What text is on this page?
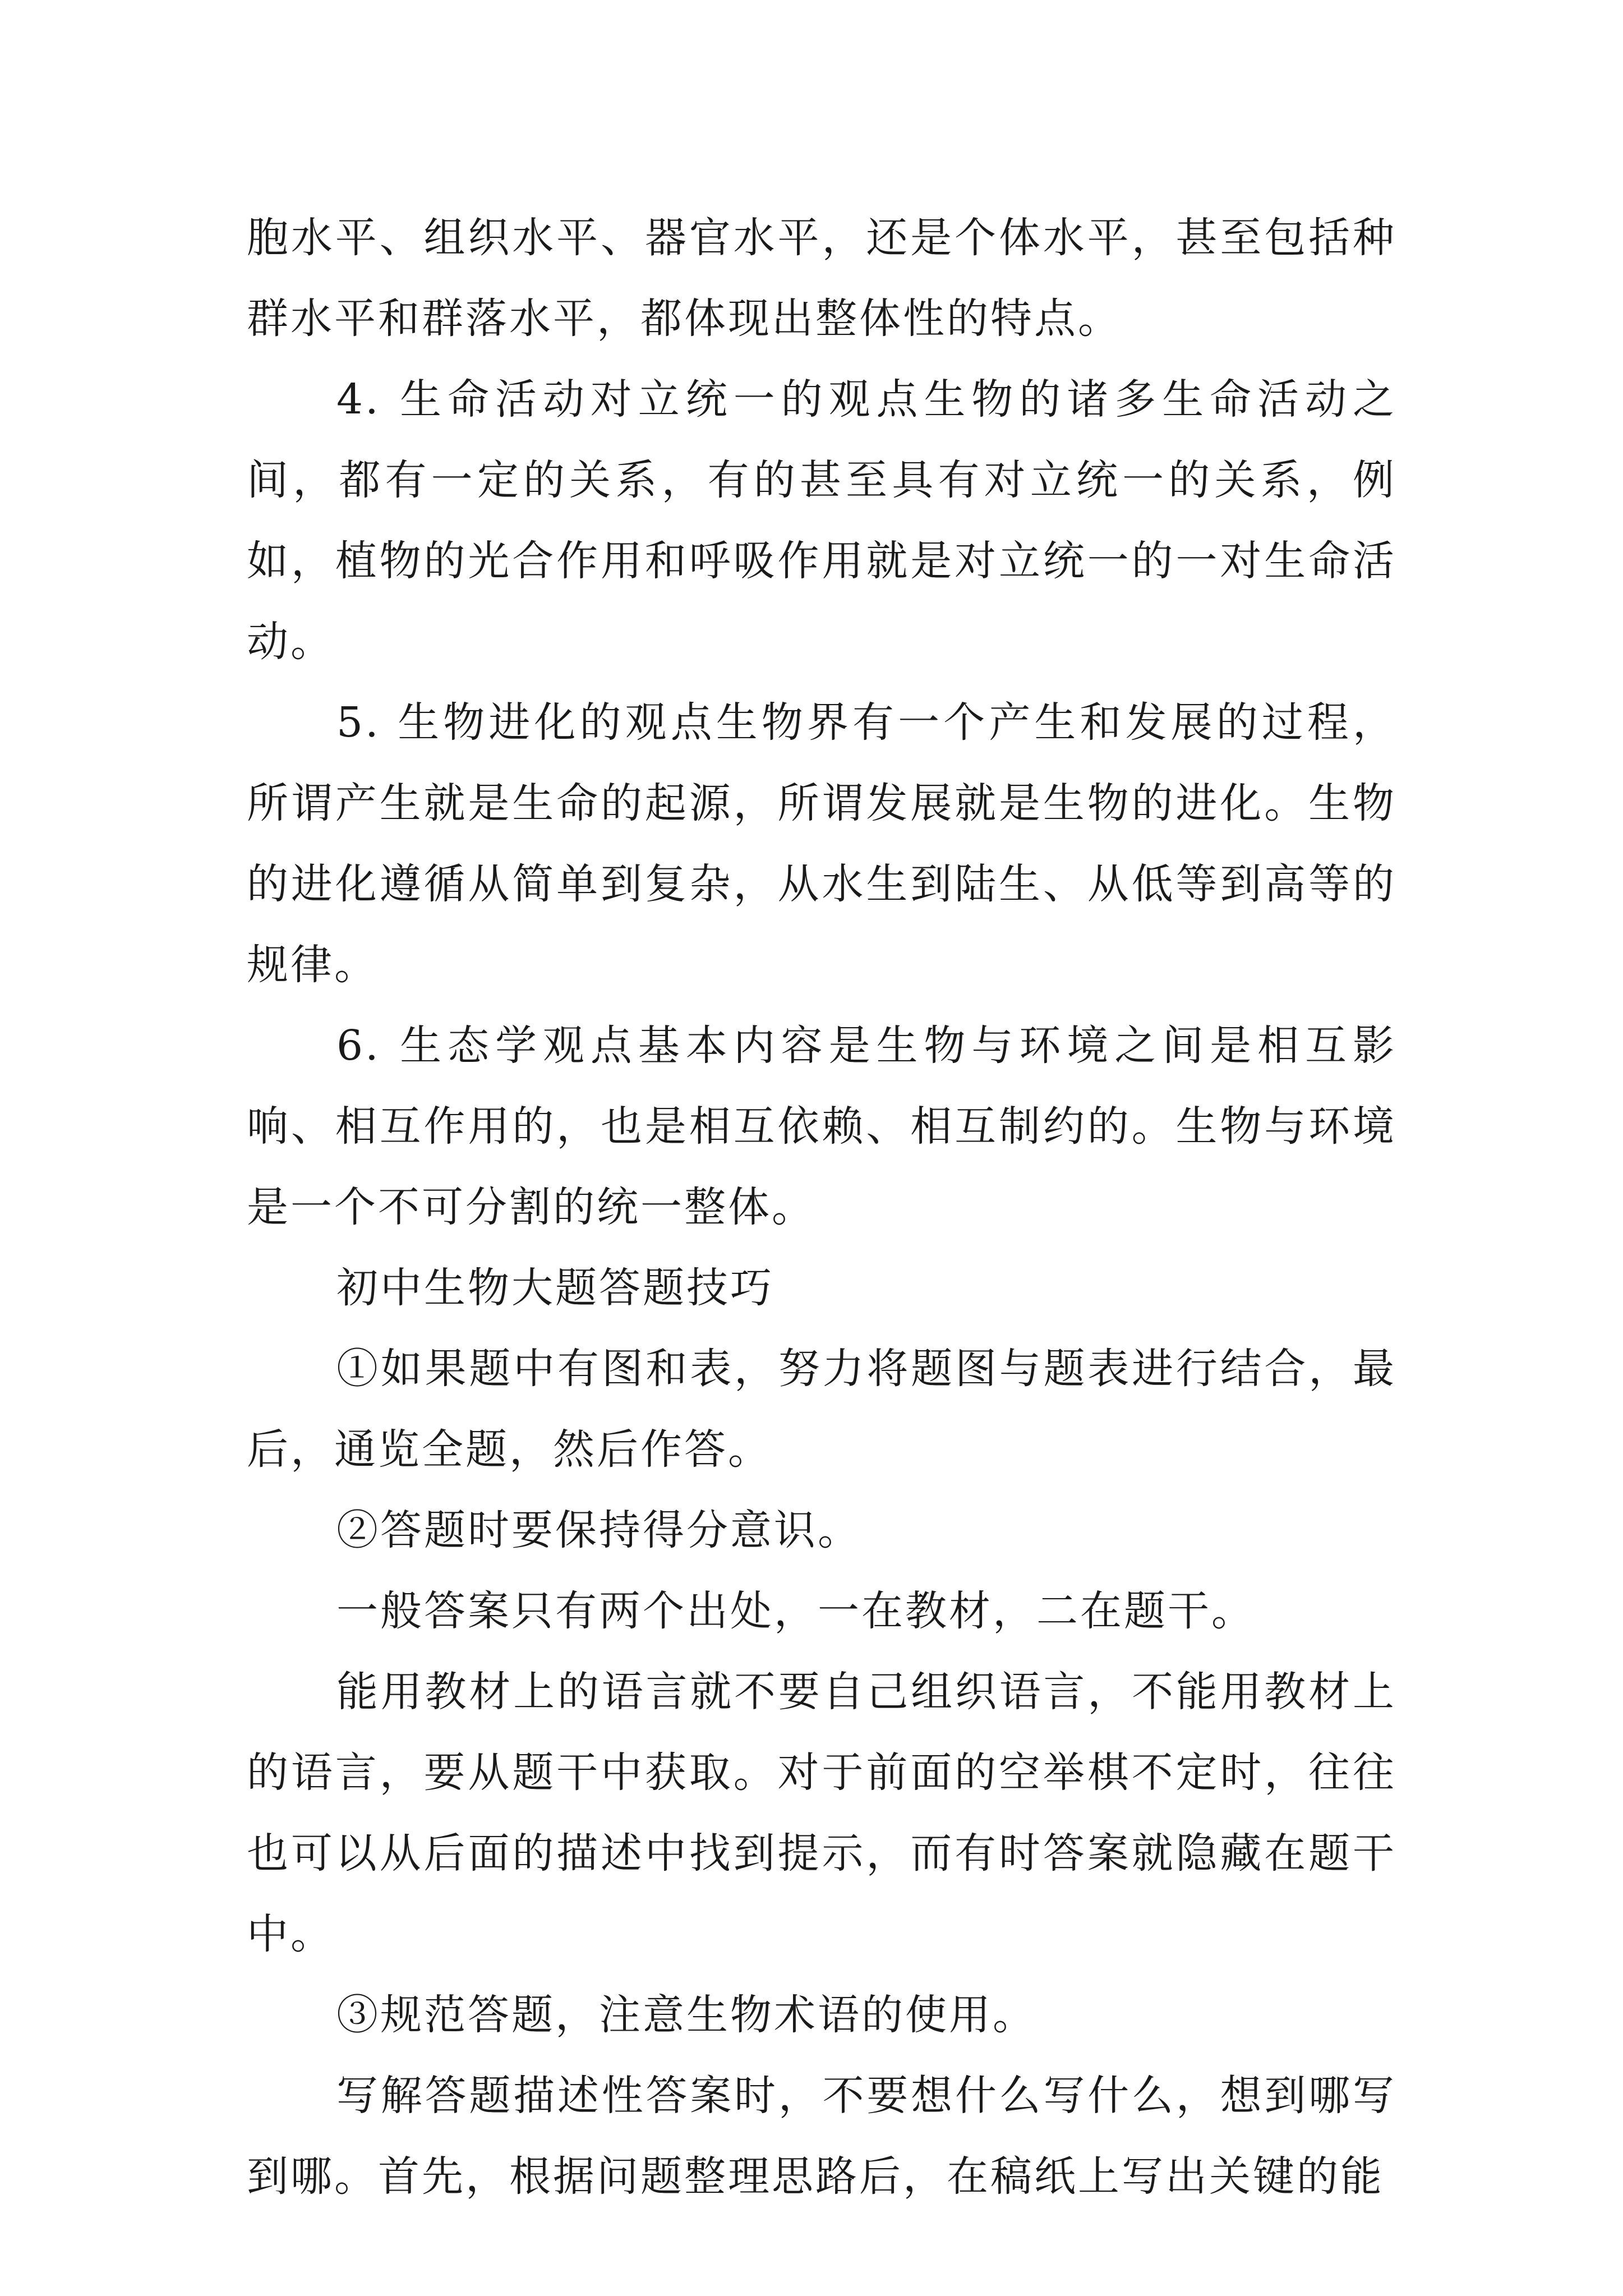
胞水平、组织水平、器官水平，还是个体水平，甚至包括种群水平和群落水平，都体现出整体性的特点。

4. 生命活动对立统一的观点生物的诸多生命活动之间，都有一定的关系，有的甚至具有对立统一的关系，例如，植物的光合作用和呼吸作用就是对立统一的一对生命活动。

5. 生物进化的观点生物界有一个产生和发展的过程，所谓产生就是生命的起源，所谓发展就是生物的进化。生物的进化遵循从简单到复杂，从水生到陆生、从低等到高等的规律。

6. 生态学观点基本内容是生物与环境之间是相互影响、相互作用的，也是相互依赖、相互制约的。生物与环境是一个不可分割的统一整体。

初中生物大题答题技巧

①如果题中有图和表，努力将题图与题表进行结合，最后，通览全题，然后作答。

②答题时要保持得分意识。

一般答案只有两个出处，一在教材，二在题干。

能用教材上的语言就不要自己组织语言，不能用教材上的语言，要从题干中获取。对于前面的空举棋不定时，往往也可以从后面的描述中找到提示，而有时答案就隐藏在题干中。

③规范答题，注意生物术语的使用。

写解答题描述性答案时，不要想什么写什么，想到哪写到哪。首先，根据问题整理思路后，在稿纸上写出关键的能
